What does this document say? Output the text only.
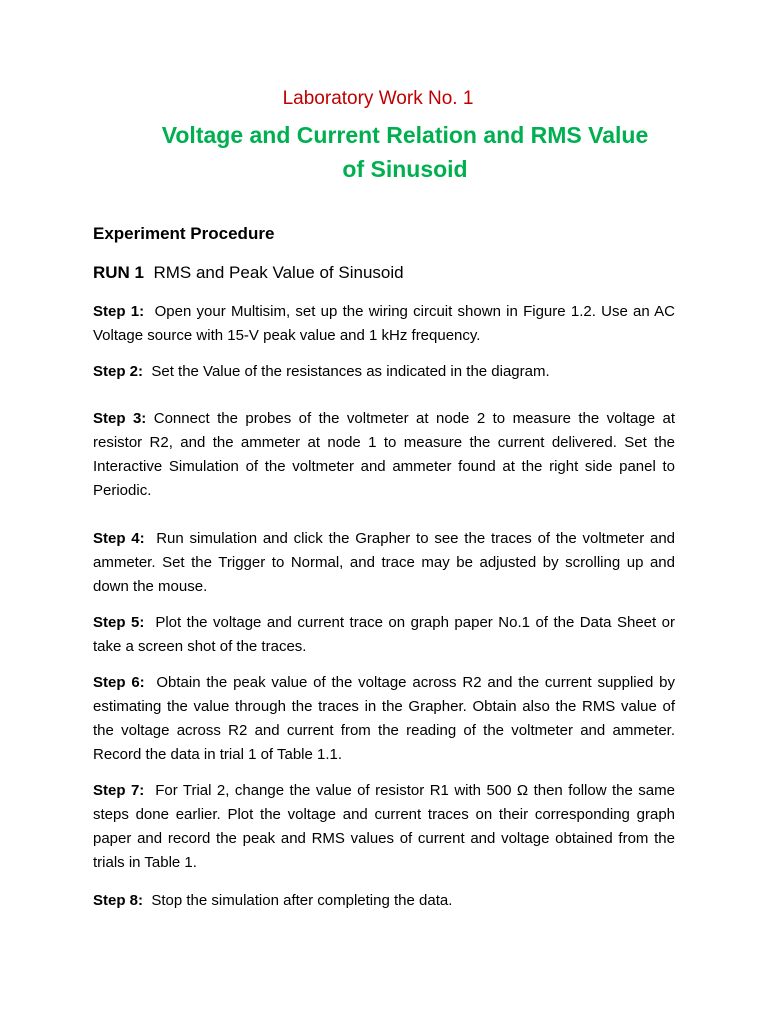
Laboratory Work No. 1
Voltage and Current Relation and RMS Value
of Sinusoid
Experiment Procedure
RUN 1 RMS and Peak Value of Sinusoid
Step 1: Open your Multisim, set up the wiring circuit shown in Figure 1.2. Use an AC Voltage source with 15-V peak value and 1 kHz frequency.
Step 2: Set the Value of the resistances as indicated in the diagram.
Step 3: Connect the probes of the voltmeter at node 2 to measure the voltage at resistor R2, and the ammeter at node 1 to measure the current delivered. Set the Interactive Simulation of the voltmeter and ammeter found at the right side panel to Periodic.
Step 4: Run simulation and click the Grapher to see the traces of the voltmeter and ammeter. Set the Trigger to Normal, and trace may be adjusted by scrolling up and down the mouse.
Step 5: Plot the voltage and current trace on graph paper No.1 of the Data Sheet or take a screen shot of the traces.
Step 6: Obtain the peak value of the voltage across R2 and the current supplied by estimating the value through the traces in the Grapher. Obtain also the RMS value of the voltage across R2 and current from the reading of the voltmeter and ammeter. Record the data in trial 1 of Table 1.1.
Step 7: For Trial 2, change the value of resistor R1 with 500 Ω then follow the same steps done earlier. Plot the voltage and current traces on their corresponding graph paper and record the peak and RMS values of current and voltage obtained from the trials in Table 1.
Step 8: Stop the simulation after completing the data.
